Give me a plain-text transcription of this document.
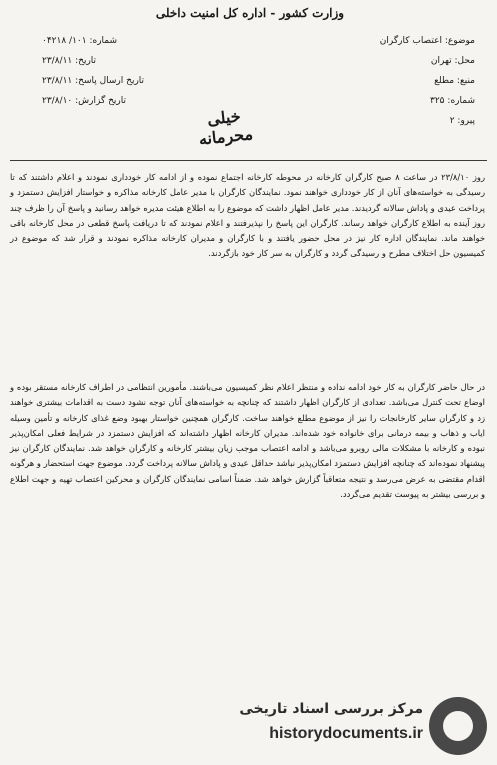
وزارت کشور - اداره کل امنیت داخلی
شماره: ۱۰۱/ ۰۴۲۱۸
تاریخ: ۲۳/۸/۱۱
تاریخ ارسال پاسخ: ۲۳/۸/۱۱
تاریخ گزارش: ۲۳/۸/۱۰
موضوع: اعتصاب کارگران
محل: تهران
منبع: مطلع
شماره: ۳۲۵
پیرو: ۲
خیلی محرمانه
روز ۲۳/۸/۱۰ در ساعت ۸ صبح کارگران کارخانه در محوطه کارخانه اجتماع نموده و از ادامه کار خودداری نمودند و اعلام داشتند که تا رسیدگی به خواسته‌های آنان از کار خودداری خواهند نمود. نمایندگان کارگران با مدیر عامل کارخانه مذاکره و خواستار افزایش دستمزد و پرداخت عیدی و پاداش سالانه گردیدند. مدیر عامل اظهار داشت که موضوع را به اطلاع هیئت مدیره خواهد رسانید و پاسخ آن را ظرف چند روز آینده به اطلاع کارگران خواهد رساند. کارگران این پاسخ را نپذیرفتند و اعلام نمودند که تا دریافت پاسخ قطعی در محل کارخانه باقی خواهند ماند. نمایندگان اداره کار نیز در محل حضور یافتند و با کارگران و مدیران کارخانه مذاکره نمودند و قرار شد که موضوع در کمیسیون حل اختلاف مطرح و رسیدگی گردد و کارگران به سر کار خود بازگردند.
در حال حاضر کارگران به کار خود ادامه نداده و منتظر اعلام نظر کمیسیون می‌باشند. مأمورین انتظامی در اطراف کارخانه مستقر بوده و اوضاع تحت کنترل می‌باشد. تعدادی از کارگران اظهار داشتند که چنانچه به خواسته‌های آنان توجه نشود دست به اقدامات بیشتری خواهند زد و کارگران سایر کارخانجات را نیز از موضوع مطلع خواهند ساخت. کارگران همچنین خواستار بهبود وضع غذای کارخانه و تأمین وسیله ایاب و ذهاب و بیمه درمانی برای خانواده خود شده‌اند. مدیران کارخانه اظهار داشته‌اند که افزایش دستمزد در شرایط فعلی امکان‌پذیر نبوده و کارخانه با مشکلات مالی روبرو می‌باشد و ادامه اعتصاب موجب زیان بیشتر کارخانه و کارگران خواهد شد. نمایندگان کارگران نیز پیشنهاد نموده‌اند که چنانچه افزایش دستمزد امکان‌پذیر نباشد حداقل عیدی و پاداش سالانه پرداخت گردد. موضوع جهت استحضار و هرگونه اقدام مقتضی به عرض می‌رسد و نتیجه متعاقباً گزارش خواهد شد. ضمناً اسامی نمایندگان کارگران و محرکین اعتصاب تهیه و جهت اطلاع و بررسی بیشتر به پیوست تقدیم می‌گردد.
مرکز بررسی اسناد تاریخی
historydocuments.ir
